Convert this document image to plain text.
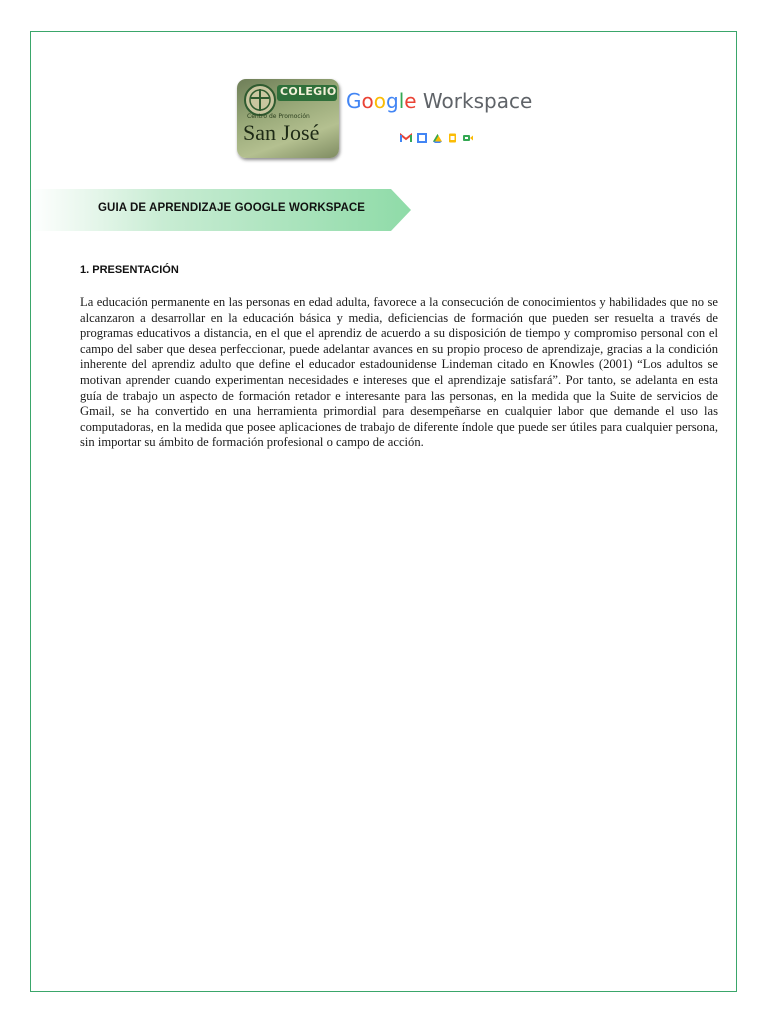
COLEGIO
Centro de Promoción
San José
Google Workspace
GUIA DE APRENDIZAJE GOOGLE WORKSPACE
1. PRESENTACIÓN

La educación permanente en las personas en edad adulta, favorece a la consecución de conocimientos y habilidades que no se alcanzaron a desarrollar en la educación básica y media, deficiencias de formación que pueden ser resuelta a través de programas educativos a distancia, en el que el aprendiz de acuerdo a su disposición de tiempo y compromiso personal con el campo del saber que desea perfeccionar, puede adelantar avances en su propio proceso de aprendizaje, gracias a la condición inherente del aprendiz adulto que define el educador estadounidense Lindeman citado en Knowles (2001) “Los adultos se motivan aprender cuando experimentan necesidades e intereses que el aprendizaje satisfará”. Por tanto, se adelanta en esta guía de trabajo un aspecto de formación retador e interesante para las personas, en la medida que la Suite de servicios de Gmail, se ha convertido en una herramienta primordial para desempeñarse en cualquier labor que demande el uso las computadoras, en la medida que posee aplicaciones de trabajo de diferente índole que puede ser útiles para cualquier persona, sin importar su ámbito de formación profesional o campo de acción.
